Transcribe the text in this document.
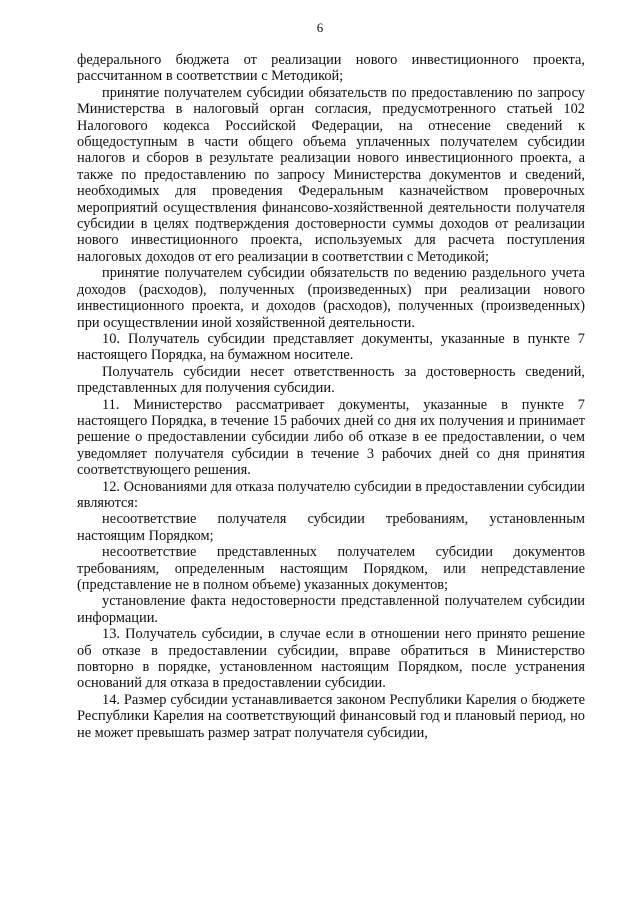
6

федерального бюджета от реализации нового инвестиционного проекта, рассчитанном в соответствии с Методикой;

принятие получателем субсидии обязательств по предоставлению по запросу Министерства в налоговый орган согласия, предусмотренного статьей 102 Налогового кодекса Российской Федерации, на отнесение сведений к общедоступным в части общего объема уплаченных получателем субсидии налогов и сборов в результате реализации нового инвестиционного проекта, а также по предоставлению по запросу Министерства документов и сведений, необходимых для проведения Федеральным казначейством проверочных мероприятий осуществления финансово-хозяйственной деятельности получателя субсидии в целях подтверждения достоверности суммы доходов от реализации нового инвестиционного проекта, используемых для расчета поступления налоговых доходов от его реализации в соответствии с Методикой;

принятие получателем субсидии обязательств по ведению раздельного учета доходов (расходов), полученных (произведенных) при реализации нового инвестиционного проекта, и доходов (расходов), полученных (произведенных) при осуществлении иной хозяйственной деятельности.

10. Получатель субсидии представляет документы, указанные в пункте 7 настоящего Порядка, на бумажном носителе.

Получатель субсидии несет ответственность за достоверность сведений, представленных для получения субсидии.

11. Министерство рассматривает документы, указанные в пункте 7 настоящего Порядка, в течение 15 рабочих дней со дня их получения и принимает решение о предоставлении субсидии либо об отказе в ее предоставлении, о чем уведомляет получателя субсидии в течение 3 рабочих дней со дня принятия соответствующего решения.

12. Основаниями для отказа получателю субсидии в предоставлении субсидии являются:

несоответствие получателя субсидии требованиям, установленным настоящим Порядком;

несоответствие представленных получателем субсидии документов требованиям, определенным настоящим Порядком, или непредставление (представление не в полном объеме) указанных документов;

установление факта недостоверности представленной получателем субсидии информации.

13. Получатель субсидии, в случае если в отношении него принято решение об отказе в предоставлении субсидии, вправе обратиться в Министерство повторно в порядке, установленном настоящим Порядком, после устранения оснований для отказа в предоставлении субсидии.

14. Размер субсидии устанавливается законом Республики Карелия о бюджете Республики Карелия на соответствующий финансовый год и плановый период, но не может превышать размер затрат получателя субсидии,
